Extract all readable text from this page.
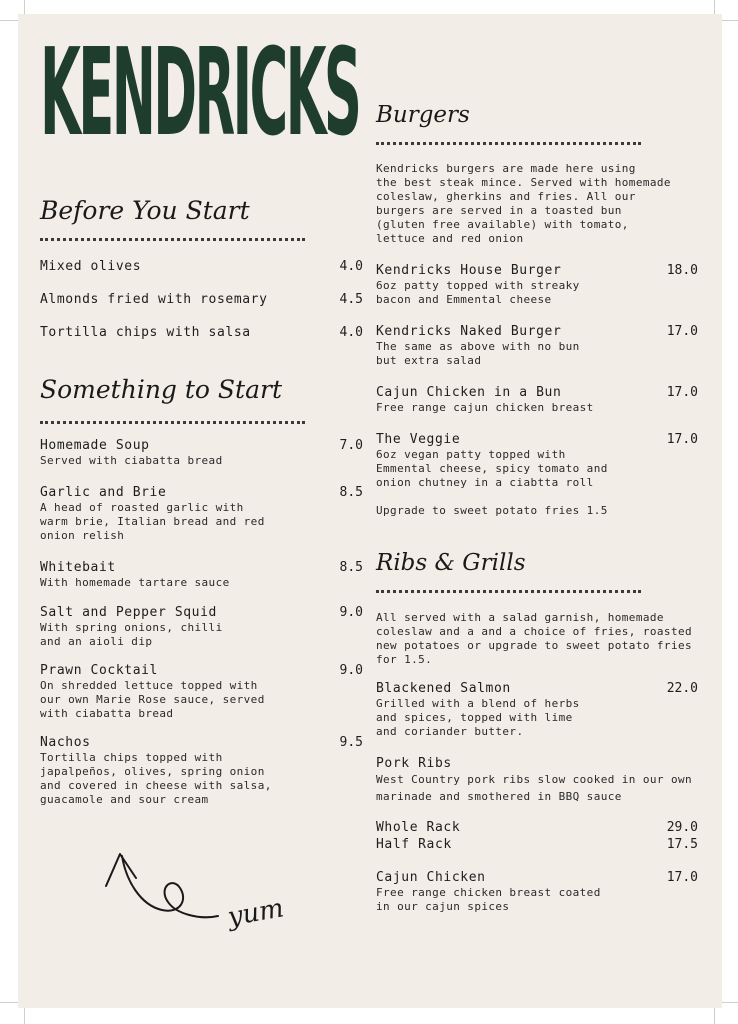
KENDRICKS
Before You Start
Mixed olives	4.0
Almonds fried with rosemary	4.5
Tortilla chips with salsa	4.0
Something to Start
Homemade Soup	7.0
Served with ciabatta bread
Garlic and Brie	8.5
A head of roasted garlic with
warm brie, Italian bread and red
onion relish
Whitebait	8.5
With homemade tartare sauce
Salt and Pepper Squid	9.0
With spring onions, chilli
and an aioli dip
Prawn Cocktail	9.0
On shredded lettuce topped with
our own Marie Rose sauce, served
with ciabatta bread
Nachos	9.5
Tortilla chips topped with
japalpeños, olives, spring onion
and covered in cheese with salsa,
guacamole and sour cream
yum
Burgers
Kendricks burgers are made here using
the best steak mince. Served with homemade
coleslaw, gherkins and fries. All our
burgers are served in a toasted bun
(gluten free available) with tomato,
lettuce and red onion
Kendricks House Burger	18.0
6oz patty topped with streaky
bacon and Emmental cheese
Kendricks Naked Burger	17.0
The same as above with no bun
but extra salad
Cajun Chicken in a Bun	17.0
Free range cajun chicken breast
The Veggie	17.0
6oz vegan patty topped with
Emmental cheese, spicy tomato and
onion chutney in a ciabtta roll
Upgrade to sweet potato fries 1.5
Ribs & Grills
All served with a salad garnish, homemade
coleslaw and a and a choice of fries, roasted
new potatoes or upgrade to sweet potato fries
for 1.5.
Blackened Salmon	22.0
Grilled with a blend of herbs
and spices, topped with lime
and coriander butter.
Pork Ribs
West Country pork ribs slow cooked in our own
marinade and smothered in BBQ sauce
Whole Rack	29.0
Half Rack	17.5
Cajun Chicken	17.0
Free range chicken breast coated
in our cajun spices
